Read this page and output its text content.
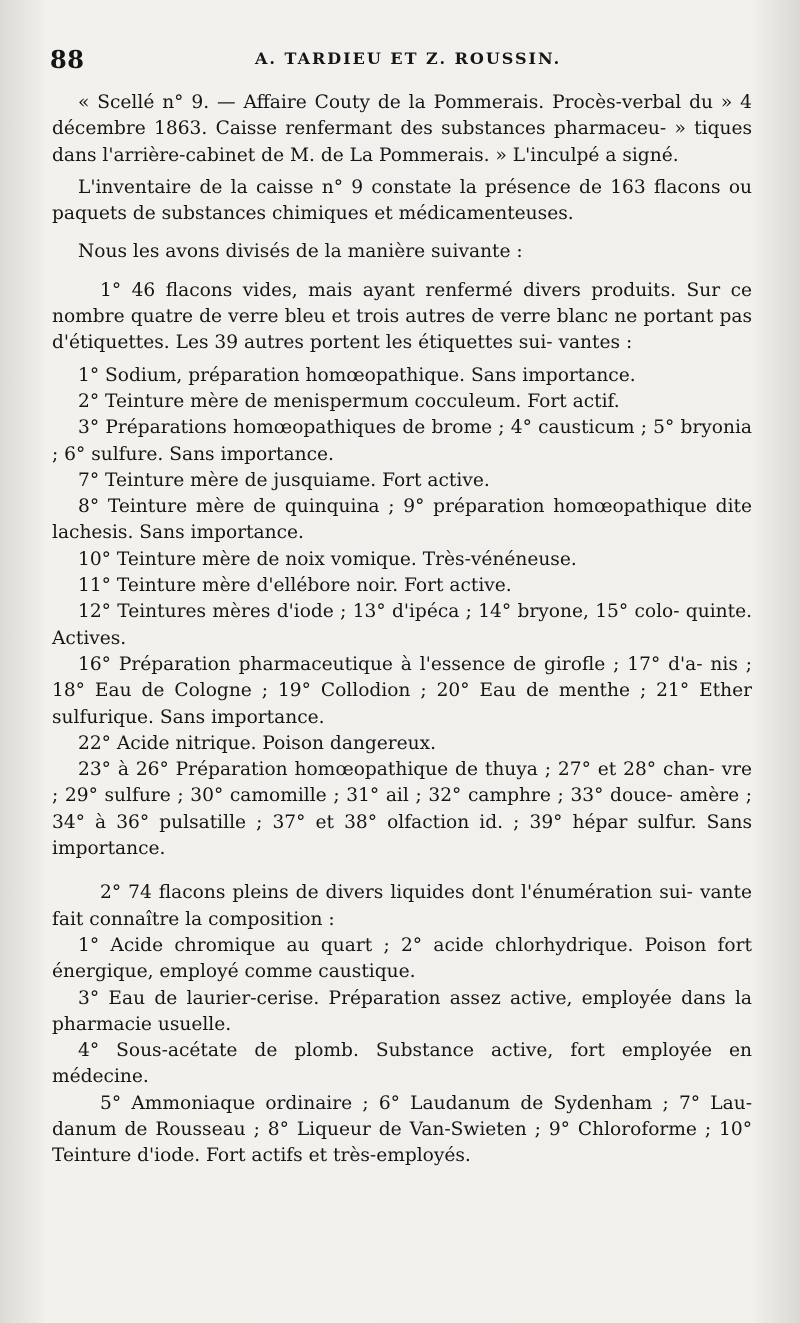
88	A. TARDIEU ET Z. ROUSSIN.

« Scellé n° 9. — Affaire Couty de la Pommerais. Procès-verbal du » 4 décembre 1863. Caisse renfermant des substances pharmaceu- » tiques dans l'arrière-cabinet de M. de La Pommerais. » L'inculpé a signé.

L'inventaire de la caisse n° 9 constate la présence de 163 flacons ou paquets de substances chimiques et médicamenteuses.

Nous les avons divisés de la manière suivante :

1° 46 flacons vides, mais ayant renfermé divers produits. Sur ce nombre quatre de verre bleu et trois autres de verre blanc ne portant pas d'étiquettes. Les 39 autres portent les étiquettes sui- vantes :

1° Sodium, préparation homœopathique. Sans importance.

2° Teinture mère de menispermum cocculeum. Fort actif.

3° Préparations homœopathiques de brome ; 4° causticum ; 5° bryonia ; 6° sulfure. Sans importance.

7° Teinture mère de jusquiame. Fort active.

8° Teinture mère de quinquina ; 9° préparation homœopathique dite lachesis. Sans importance.

10° Teinture mère de noix vomique. Très-vénéneuse.

11° Teinture mère d'ellébore noir. Fort active.

12° Teintures mères d'iode ; 13° d'ipéca ; 14° bryone, 15° colo- quinte. Actives.

16° Préparation pharmaceutique à l'essence de girofle ; 17° d'a- nis ; 18° Eau de Cologne ; 19° Collodion ; 20° Eau de menthe ; 21° Ether sulfurique. Sans importance.

22° Acide nitrique. Poison dangereux.

23° à 26° Préparation homœopathique de thuya ; 27° et 28° chan- vre ; 29° sulfure ; 30° camomille ; 31° ail ; 32° camphre ; 33° douce- amère ; 34° à 36° pulsatille ; 37° et 38° olfaction id. ; 39° hépar sulfur. Sans importance.

2° 74 flacons pleins de divers liquides dont l'énumération sui- vante fait connaître la composition :

1° Acide chromique au quart ; 2° acide chlorhydrique. Poison fort énergique, employé comme caustique.

3° Eau de laurier-cerise. Préparation assez active, employée dans la pharmacie usuelle.

4° Sous-acétate de plomb. Substance active, fort employée en médecine.

5° Ammoniaque ordinaire ; 6° Laudanum de Sydenham ; 7° Lau- danum de Rousseau ; 8° Liqueur de Van-Swieten ; 9° Chloroforme ; 10° Teinture d'iode. Fort actifs et très-employés.
